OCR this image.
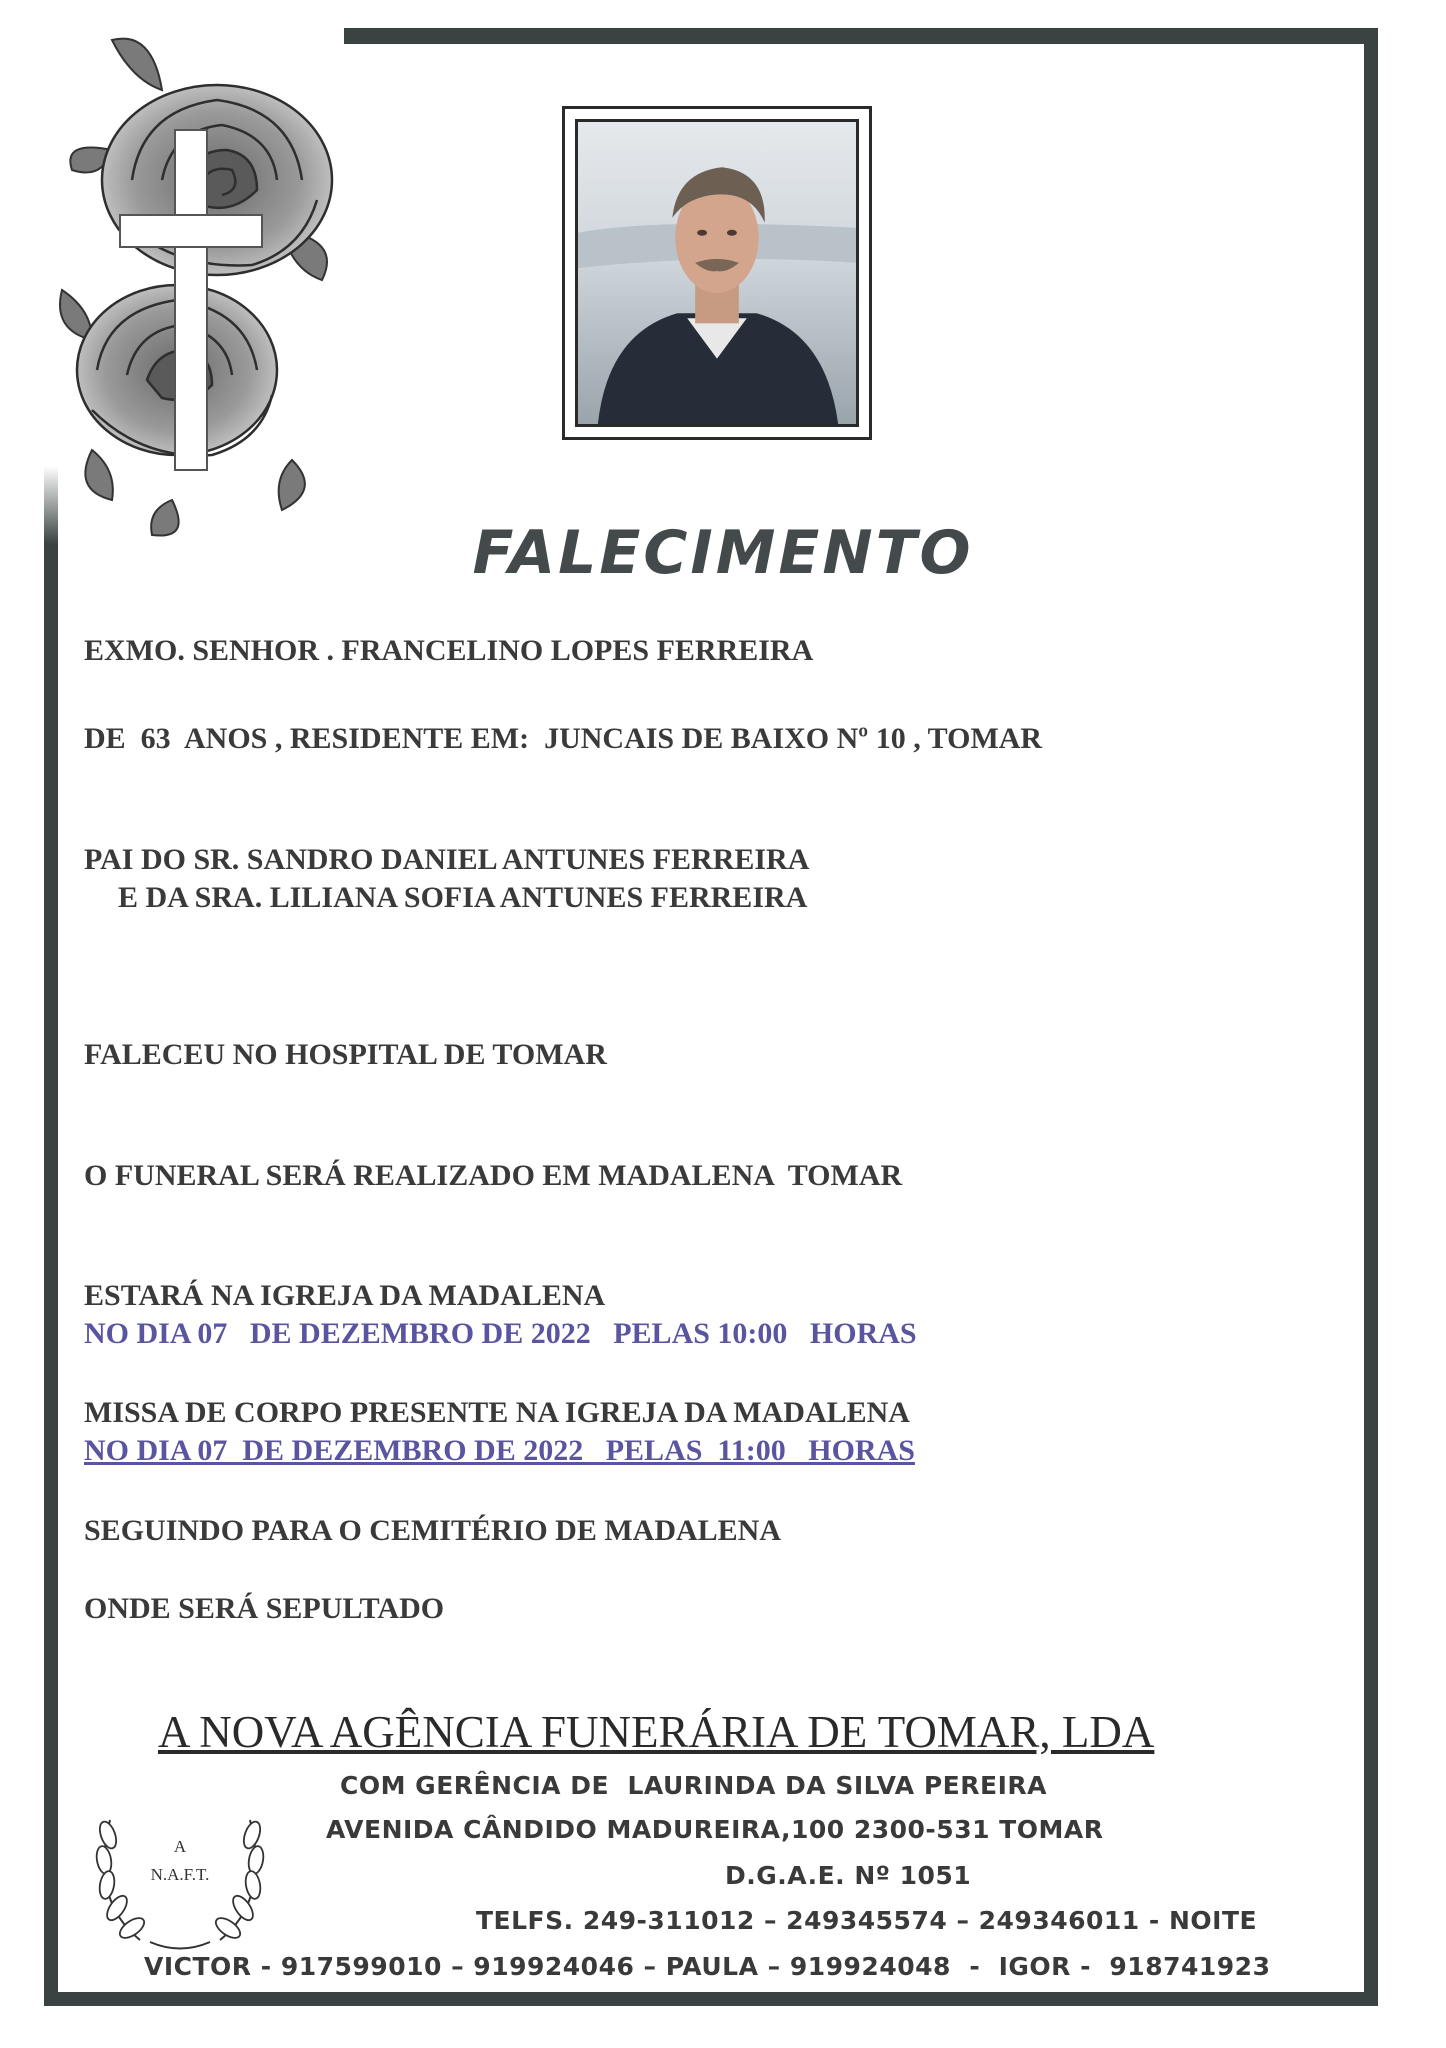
FALECIMENTO
EXMO. SENHOR . FRANCELINO LOPES FERREIRA
DE  63  ANOS , RESIDENTE EM:  JUNCAIS DE BAIXO Nº 10 , TOMAR
PAI DO SR. SANDRO DANIEL ANTUNES FERREIRA
E DA SRA. LILIANA SOFIA ANTUNES FERREIRA
FALECEU NO HOSPITAL DE TOMAR
O FUNERAL SERÁ REALIZADO EM MADALENA  TOMAR
ESTARÁ NA IGREJA DA MADALENA
NO DIA 07   DE DEZEMBRO DE 2022   PELAS 10:00   HORAS
MISSA DE CORPO PRESENTE NA IGREJA DA MADALENA
NO DIA 07  DE DEZEMBRO DE 2022   PELAS  11:00   HORAS
SEGUINDO PARA O CEMITÉRIO DE MADALENA
ONDE SERÁ SEPULTADO
A NOVA AGÊNCIA FUNERÁRIA DE TOMAR, LDA
COM GERÊNCIA DE  LAURINDA DA SILVA PEREIRA
AVENIDA CÂNDIDO MADUREIRA,100 2300-531 TOMAR
D.G.A.E. Nº 1051
TELFS. 249-311012 – 249345574 – 249346011 - NOITE
VICTOR - 917599010 – 919924046 – PAULA – 919924048  -  IGOR -  918741923
A
N.A.F.T.
